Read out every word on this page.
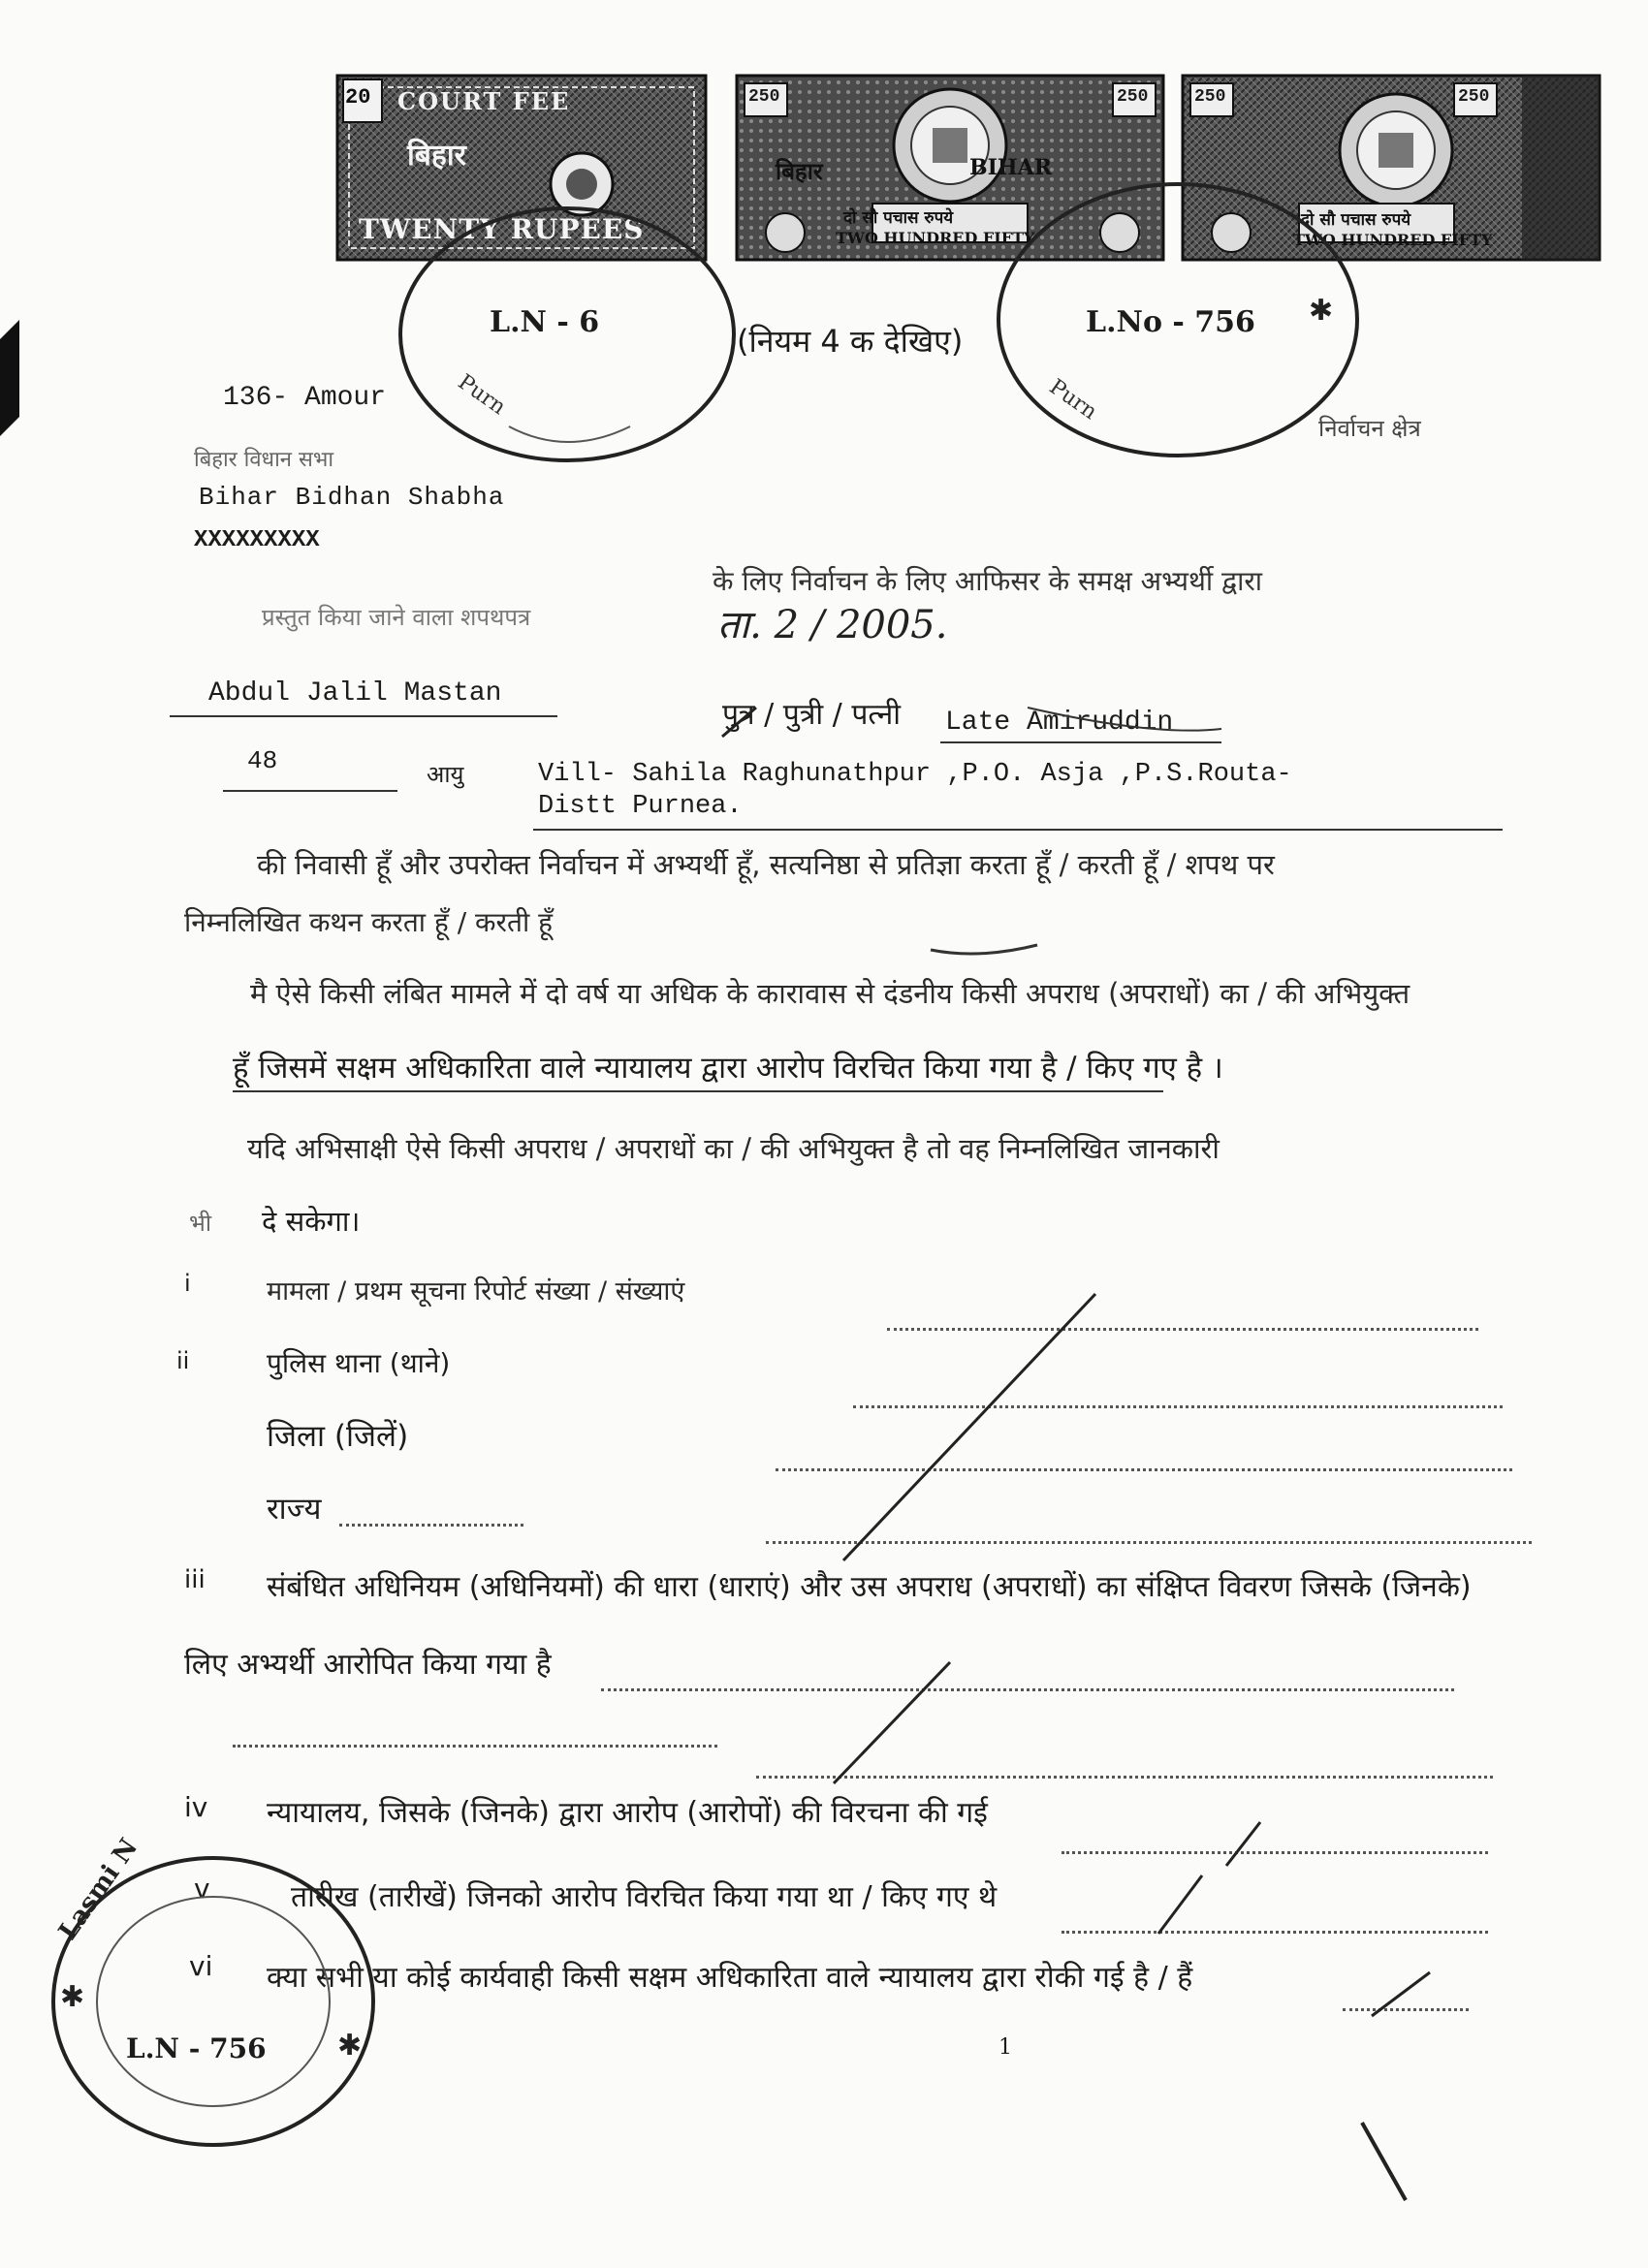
20 COURT FEE
बिहार
TWENTY RUPEES
250	250
बिहार	BIHAR
दो सौ पचास रुपये
TWO HUNDRED FIFTY
250	250
दो सौ पचास रुपये
TWO HUNDRED FIFTY
L.N - 6
Purn
✱
L.No - 756
Purn
(नियम 4 क देखिए)
136- Amour
निर्वाचन क्षेत्र
बिहार विधान सभा
Bihar Bidhan Shabha
XXXXXXXXX
के लिए निर्वाचन के लिए आफिसर के समक्ष अभ्यर्थी द्वारा
प्रस्तुत किया जाने वाला शपथपत्र	ता. 2 / 2005.
Abdul Jalil Mastan
पुत्र / पुत्री / पत्नी Late Amiruddin
48	आयु	Vill- Sahila Raghunathpur ,P.O. Asja ,P.S.Routa-
Distt Purnea.
की निवासी हूँ और उपरोक्त निर्वाचन में अभ्यर्थी हूँ, सत्यनिष्ठा से प्रतिज्ञा करता हूँ / करती हूँ / शपथ पर
निम्नलिखित कथन करता हूँ / करती हूँ
मै ऐसे किसी लंबित मामले में दो वर्ष या अधिक के कारावास से दंडनीय किसी अपराध (अपराधों) का / की अभियुक्त
हूँ जिसमें सक्षम अधिकारिता वाले न्यायालय द्वारा आरोप विरचित किया गया है / किए गए है ।
यदि अभिसाक्षी ऐसे किसी अपराध / अपराधों का / की अभियुक्त है तो वह निम्नलिखित जानकारी
भी दे सकेगा।
i	मामला / प्रथम सूचना रिपोर्ट संख्या / संख्याएं
ii	पुलिस थाना (थाने)
जिला (जिलें)
राज्य
iii संबंधित अधिनियम (अधिनियमों) की धारा (धाराएं) और उस अपराध (अपराधों) का संक्षिप्त विवरण जिसके (जिनके)
लिए अभ्यर्थी आरोपित किया गया है
iv न्यायालय, जिसके (जिनके) द्वारा आरोप (आरोपों) की विरचना की गई
v	तारीख (तारीखें) जिनको आरोप विरचित किया गया था / किए गए थे
vi क्या सभी या कोई कार्यवाही किसी सक्षम अधिकारिता वाले न्यायालय द्वारा रोकी गई है / हैं
✱
✱
Lasmi N
L.N - 756	1
